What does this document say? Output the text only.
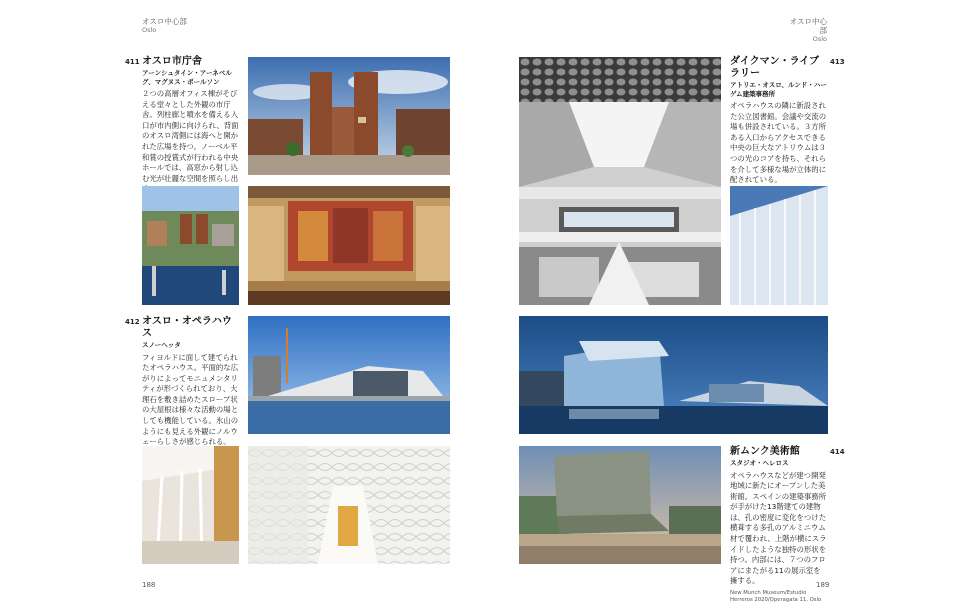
オスロ中心部
Oslo
411 オスロ市庁舎
アーンシュタイン・アーネベルグ、マグヌス・ポールソン
２つの高層オフィス棟がそびえる堂々とした外観の市庁舎。列柱廊と噴水を備える入口が市内側に向けられ、背面のオスロ湾側には海へと開かれた広場を持つ。ノーベル平和賞の授賞式が行われる中央ホールでは、高窓から射し込む光が壮麗な空間を照らし出
412 オスロ・オペラハウス
スノーヘッタ
フィヨルドに面して建てられたオペラハウス。平面的な広がりによってモニュメンタリティが形づくられており、大理石を敷き詰めたスロープ状の大屋根は様々な活動の場としても機能している。氷山のようにも見える外観にノルウェーらしさが感じられる。
188
オスロ中心部
Oslo
413
ダイクマン・ライブラリー
アトリエ・オスロ、ルンド・ハーゲム建築事務所
オペラハウスの隣に新設された公立図書館。会議や交流の場も併設されている。３方所ある入口からアクセスできる中央の巨大なアトリウムは３つの光のコアを持ち、それらを介して多様な場が立体的に配されている。
414
新ムンク美術館
スタジオ・ヘレロス
オペラハウスなどが建つ開発地域に新たにオープンした美術館。スペインの建築事務所が手がけた13階建ての建物は、孔の密度に変化をつけた横葺する多孔のアルミニウム材で覆われ、上階が横にスライドしたような独特の形状を持つ。内部には、７つのフロアにまたがる11の展示室を擁する。
New Munch Museum/Estudio Herreros 2020/Operagata 11, Oslo
189
